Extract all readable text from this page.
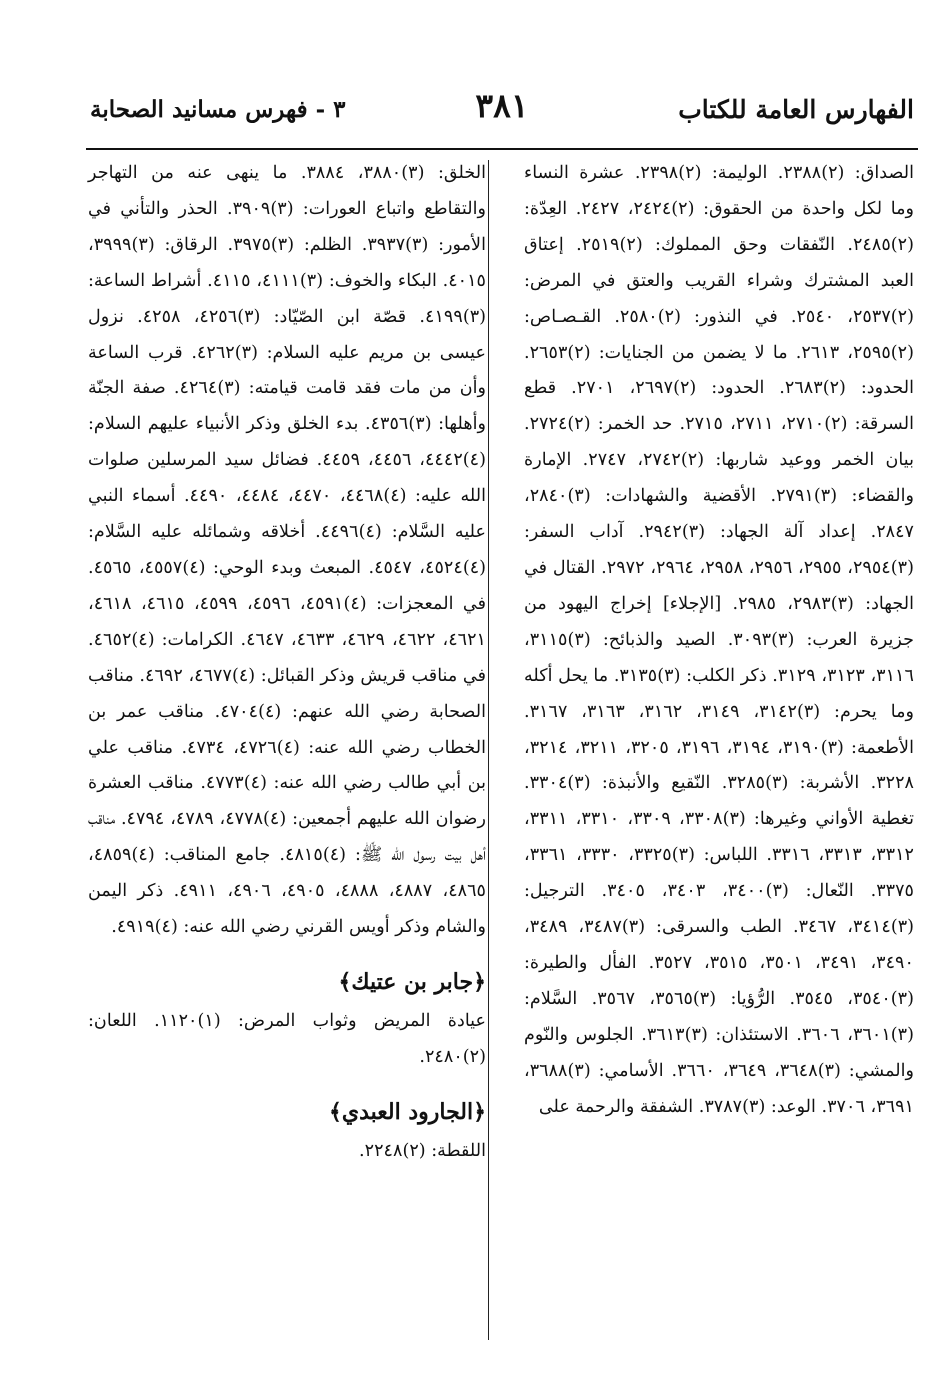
الفهارس العامة للكتاب
٣٨١
٣ - فهرس مسانيد الصحابة

الصداق: (٢)٢٣٨٨. الوليمة: (٢)٢٣٩٨. عشرة النساء وما لكل واحدة من الحقوق: (٢)٢٤٢٤، ٢٤٢٧. العِدّة: (٢)٢٤٨٥. النّفقات وحق المملوك: (٢)٢٥١٩. إعتاق العبد المشترك وشراء القريب والعتق في المرض: (٢)٢٥٣٧، ٢٥٤٠. في النذور: (٢)٢٥٨٠. القـصـاص: (٢)٢٥٩٥، ٢٦١٣. ما لا يضمن من الجنايات: (٢)٢٦٥٣. الحدود: (٢)٢٦٨٣. الحدود: (٢)٢٦٩٧، ٢٧٠١. قطع السرقة: (٢)٢٧١٠، ٢٧١١، ٢٧١٥. حد الخمر: (٢)٢٧٢٤. بيان الخمر ووعيد شاربها: (٢)٢٧٤٢، ٢٧٤٧. الإمارة والقضاء: (٣)٢٧٩١. الأقضية والشهادات: (٣)٢٨٤٠، ٢٨٤٧. إعداد آلة الجهاد: (٣)٢٩٤٢. آداب السفر: (٣)٢٩٥٤، ٢٩٥٥، ٢٩٥٦، ٢٩٥٨، ٢٩٦٤، ٢٩٧٢. القتال في الجهاد: (٣)٢٩٨٣، ٢٩٨٥. [الإجلاء] إخراج اليهود من جزيرة العرب: (٣)٣٠٩٣. الصيد والذبائح: (٣)٣١١٥، ٣١١٦، ٣١٢٣، ٣١٢٩. ذكر الكلب: (٣)٣١٣٥. ما يحل أكله وما يحرم: (٣)٣١٤٢، ٣١٤٩، ٣١٦٢، ٣١٦٣، ٣١٦٧. الأطعمة: (٣)٣١٩٠، ٣١٩٤، ٣١٩٦، ٣٢٠٥، ٣٢١١، ٣٢١٤، ٣٢٢٨. الأشربة: (٣)٣٢٨٥. النّقيع والأنبذة: (٣)٣٣٠٤. تغطية الأواني وغيرها: (٣)٣٣٠٨، ٣٣٠٩، ٣٣١٠، ٣٣١١، ٣٣١٢، ٣٣١٣، ٣٣١٦. اللباس: (٣)٣٣٢٥، ٣٣٣٠، ٣٣٦١، ٣٣٧٥. النّعال: (٣)٣٤٠٠، ٣٤٠٣، ٣٤٠٥. الترجيل: (٣)٣٤١٤، ٣٤٦٧. الطب والسرقى: (٣)٣٤٨٧، ٣٤٨٩، ٣٤٩٠، ٣٤٩١، ٣٥٠١، ٣٥١٥، ٣٥٢٧. الفأل والطيرة: (٣)٣٥٤٠، ٣٥٤٥. الرُّؤيا: (٣)٣٥٦٥، ٣٥٦٧. السَّلام: (٣)٣٦٠١، ٣٦٠٦. الاستئذان: (٣)٣٦١٣. الجلوس والنّوم والمشي: (٣)٣٦٤٨، ٣٦٤٩، ٣٦٦٠. الأسامي: (٣)٣٦٨٨، ٣٦٩١، ٣٧٠٦. الوعد: (٣)٣٧٨٧. الشفقة والرحمة على

الخلق: (٣)٣٨٨٠، ٣٨٨٤. ما ينهى عنه من التهاجر والتقاطع واتباع العورات: (٣)٣٩٠٩. الحذر والتأني في الأمور: (٣)٣٩٣٧. الظلم: (٣)٣٩٧٥. الرقاق: (٣)٣٩٩٩، ٤٠١٥. البكاء والخوف: (٣)٤١١١، ٤١١٥. أشراط الساعة: (٣)٤١٩٩. قصّة ابن الصّيّاد: (٣)٤٢٥٦، ٤٢٥٨. نزول عيسى بن مريم عليه السلام: (٣)٤٢٦٢. قرب الساعة وأن من مات فقد قامت قيامته: (٣)٤٢٦٤. صفة الجنّة وأهلها: (٣)٤٣٥٦. بدء الخلق وذكر الأنبياء عليهم السلام: (٤)٤٤٤٢، ٤٤٥٦، ٤٤٥٩. فضائل سيد المرسلين صلوات الله عليه: (٤)٤٤٦٨، ٤٤٧٠، ٤٤٨٤، ٤٤٩٠. أسماء النبي عليه السَّلام: (٤)٤٤٩٦. أخلاقه وشمائله عليه السَّلام: (٤)٤٥٢٤، ٤٥٤٧. المبعث وبدء الوحي: (٤)٤٥٥٧، ٤٥٦٥. في المعجزات: (٤)٤٥٩١، ٤٥٩٦، ٤٥٩٩، ٤٦١٥، ٤٦١٨، ٤٦٢١، ٤٦٢٢، ٤٦٢٩، ٤٦٣٣، ٤٦٤٧. الكرامات: (٤)٤٦٥٢. في مناقب قريش وذكر القبائل: (٤)٤٦٧٧، ٤٦٩٢. مناقب الصحابة رضي الله عنهم: (٤)٤٧٠٤. مناقب عمر بن الخطاب رضي الله عنه: (٤)٤٧٢٦، ٤٧٣٤. مناقب علي بن أبي طالب رضي الله عنه: (٤)٤٧٧٣. مناقب العشرة رضوان الله عليهم أجمعين: (٤)٤٧٧٨، ٤٧٨٩، ٤٧٩٤. مناقب أهل بيت رسول الله ﷺ: (٤)٤٨١٥. جامع المناقب: (٤)٤٨٥٩، ٤٨٦٥، ٤٨٨٧، ٤٨٨٨، ٤٩٠٥، ٤٩٠٦، ٤٩١١. ذكر اليمن والشام وذكر أويس القرني رضي الله عنه: (٤)٤٩١٩.

﴿جابر بن عتيك﴾

عيادة المريض وثواب المرض: (١)١١٢٠. اللعان: (٢)٢٤٨٠.

﴿الجارود العبدي﴾

اللقطة: (٢)٢٢٤٨.
